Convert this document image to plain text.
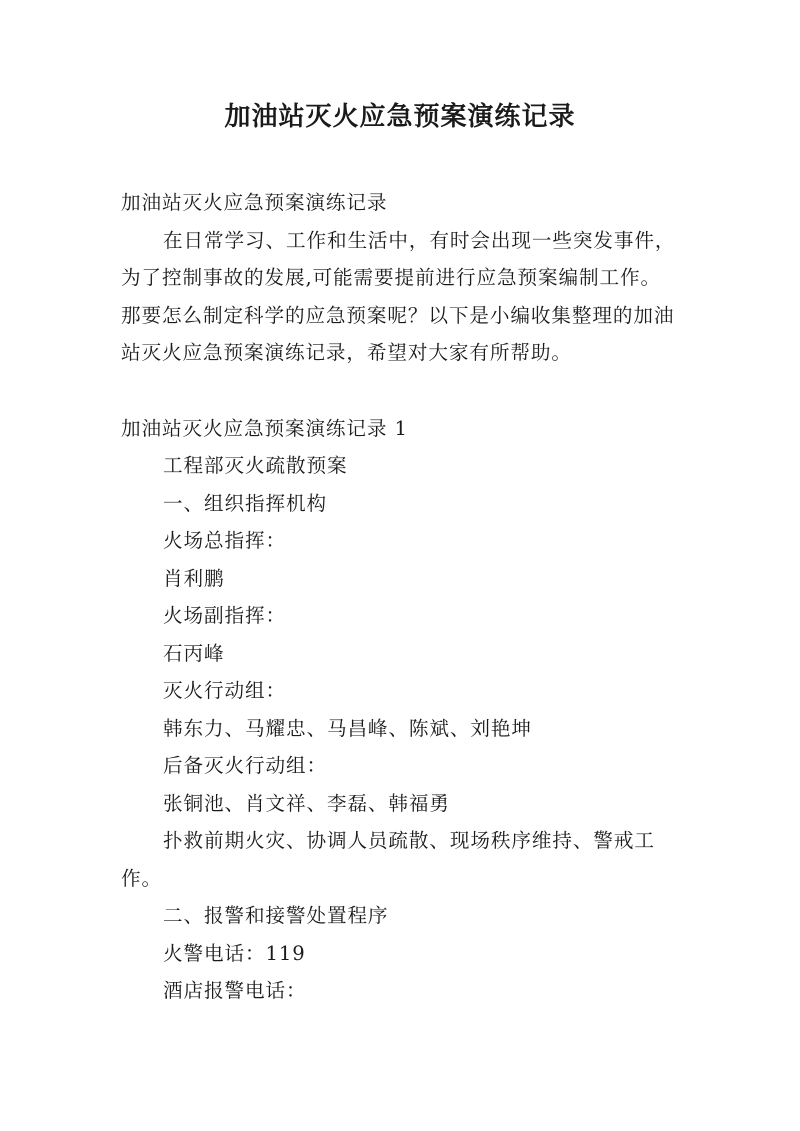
加油站灭火应急预案演练记录

加油站灭火应急预案演练记录

在日常学习、工作和生活中，有时会出现一些突发事件，为了控制事故的发展,可能需要提前进行应急预案编制工作。那要怎么制定科学的应急预案呢？以下是小编收集整理的加油站灭火应急预案演练记录，希望对大家有所帮助。

加油站灭火应急预案演练记录 1

工程部灭火疏散预案

一、组织指挥机构

火场总指挥：

肖利鹏

火场副指挥：

石丙峰

灭火行动组：

韩东力、马耀忠、马昌峰、陈斌、刘艳坤

后备灭火行动组：

张铜池、肖文祥、李磊、韩福勇

扑救前期火灾、协调人员疏散、现场秩序维持、警戒工作。

二、报警和接警处置程序

火警电话：119

酒店报警电话：
